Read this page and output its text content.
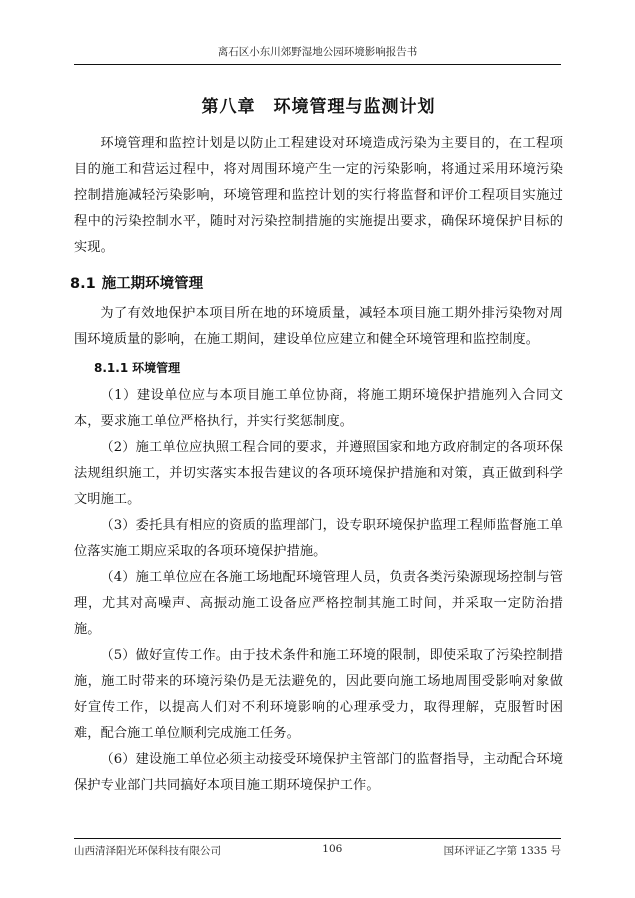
离石区小东川郊野湿地公园环境影响报告书
第八章 环境管理与监测计划

环境管理和监控计划是以防止工程建设对环境造成污染为主要目的，在工程项目的施工和营运过程中，将对周围环境产生一定的污染影响，将通过采用环境污染控制措施减轻污染影响，环境管理和监控计划的实行将监督和评价工程项目实施过程中的污染控制水平，随时对污染控制措施的实施提出要求，确保环境保护目标的实现。

8.1 施工期环境管理

为了有效地保护本项目所在地的环境质量，减轻本项目施工期外排污染物对周围环境质量的影响，在施工期间，建设单位应建立和健全环境管理和监控制度。

8.1.1 环境管理

（1）建设单位应与本项目施工单位协商，将施工期环境保护措施列入合同文本，要求施工单位严格执行，并实行奖惩制度。

（2）施工单位应执照工程合同的要求，并遵照国家和地方政府制定的各项环保法规组织施工，并切实落实本报告建议的各项环境保护措施和对策，真正做到科学文明施工。

（3）委托具有相应的资质的监理部门，设专职环境保护监理工程师监督施工单位落实施工期应采取的各项环境保护措施。

（4）施工单位应在各施工场地配环境管理人员，负责各类污染源现场控制与管理，尤其对高噪声、高振动施工设备应严格控制其施工时间，并采取一定防治措施。

（5）做好宣传工作。由于技术条件和施工环境的限制，即使采取了污染控制措施，施工时带来的环境污染仍是无法避免的，因此要向施工场地周围受影响对象做好宣传工作，以提高人们对不利环境影响的心理承受力，取得理解，克服暂时困难，配合施工单位顺利完成施工任务。

（6）建设施工单位必须主动接受环境保护主管部门的监督指导，主动配合环境保护专业部门共同搞好本项目施工期环境保护工作。

山西清泽阳光环保科技有限公司	106	国环评证乙字第 1335 号
